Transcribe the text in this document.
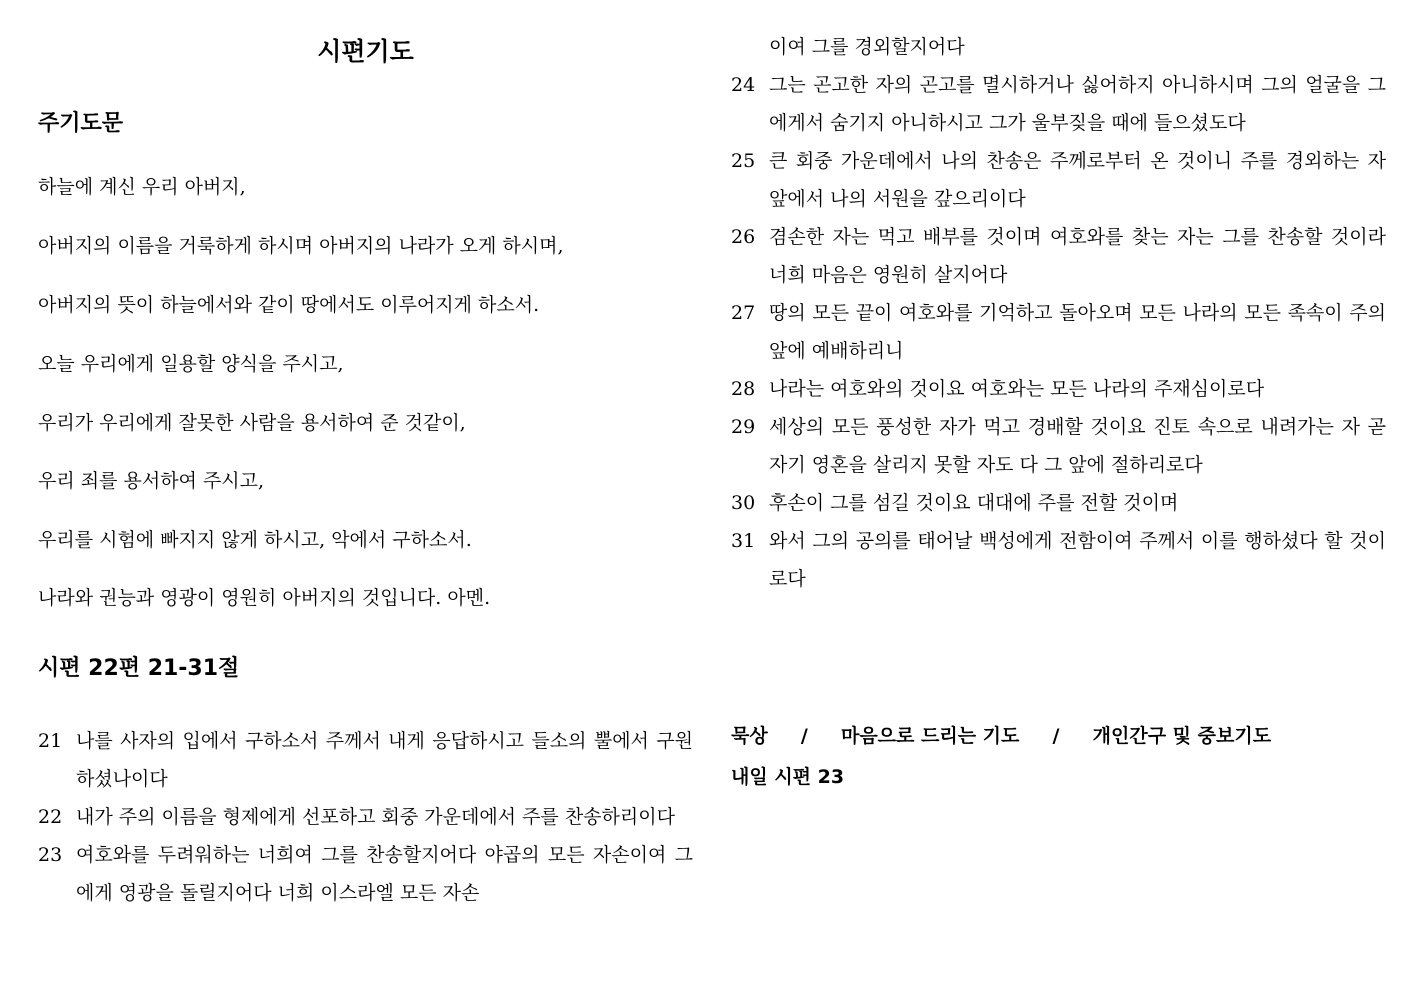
시편기도
주기도문

하늘에 계신 우리 아버지,

아버지의 이름을 거룩하게 하시며 아버지의 나라가 오게 하시며,

아버지의 뜻이 하늘에서와 같이 땅에서도 이루어지게 하소서.

오늘 우리에게 일용할 양식을 주시고,

우리가 우리에게 잘못한 사람을 용서하여 준 것같이,

우리 죄를 용서하여 주시고,

우리를 시험에 빠지지 않게 하시고, 악에서 구하소서.

나라와 권능과 영광이 영원히 아버지의 것입니다. 아멘.

시편 22편 21-31절
21 나를 사자의 입에서 구하소서 주께서 내게 응답하시고 들소의 뿔에서 구원하셨나이다
22 내가 주의 이름을 형제에게 선포하고 회중 가운데에서 주를 찬송하리이다
23 여호와를 두려워하는 너희여 그를 찬송할지어다 야곱의 모든 자손이여 그에게 영광을 돌릴지어다 너희 이스라엘 모든 자손
이여 그를 경외할지어다
24 그는 곤고한 자의 곤고를 멸시하거나 싫어하지 아니하시며 그의 얼굴을 그에게서 숨기지 아니하시고 그가 울부짖을 때에 들으셨도다
25 큰 회중 가운데에서 나의 찬송은 주께로부터 온 것이니 주를 경외하는 자 앞에서 나의 서원을 갚으리이다
26 겸손한 자는 먹고 배부를 것이며 여호와를 찾는 자는 그를 찬송할 것이라 너희 마음은 영원히 살지어다
27 땅의 모든 끝이 여호와를 기억하고 돌아오며 모든 나라의 모든 족속이 주의 앞에 예배하리니
28 나라는 여호와의 것이요 여호와는 모든 나라의 주재심이로다
29 세상의 모든 풍성한 자가 먹고 경배할 것이요 진토 속으로 내려가는 자 곧 자기 영혼을 살리지 못할 자도 다 그 앞에 절하리로다
30 후손이 그를 섬길 것이요 대대에 주를 전할 것이며
31 와서 그의 공의를 태어날 백성에게 전함이여 주께서 이를 행하셨다 할 것이로다

묵상 / 마음으로 드리는 기도 / 개인간구 및 중보기도

내일 시편 23
